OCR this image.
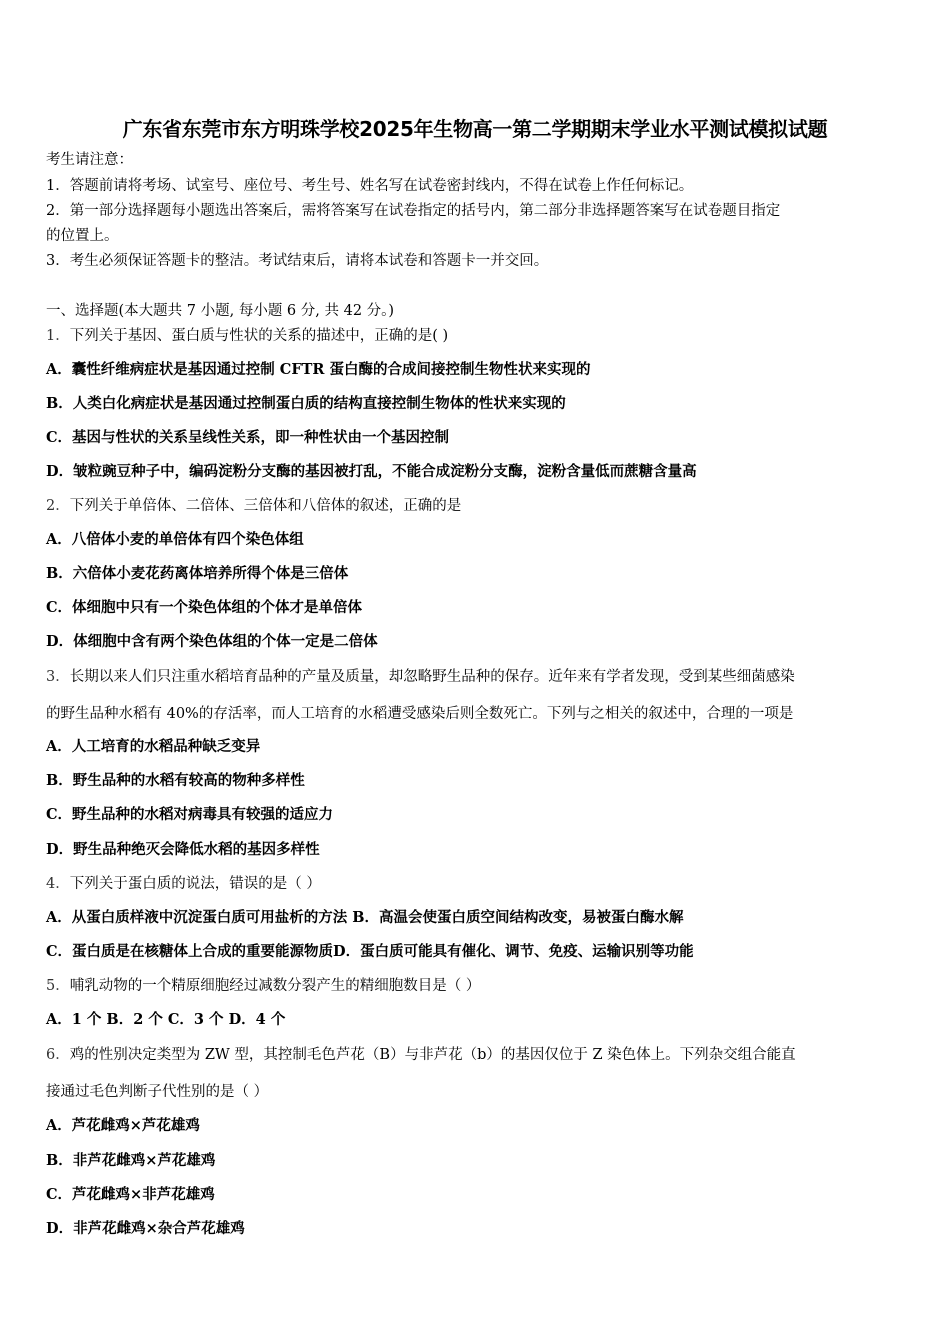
广东省东莞市东方明珠学校2025年生物高一第二学期期末学业水平测试模拟试题
考生请注意：
1．答题前请将考场、试室号、座位号、考生号、姓名写在试卷密封线内，不得在试卷上作任何标记。
2．第一部分选择题每小题选出答案后，需将答案写在试卷指定的括号内，第二部分非选择题答案写在试卷题目指定
的位置上。
3．考生必须保证答题卡的整洁。考试结束后，请将本试卷和答题卡一并交回。
一、选择题(本大题共 7 小题, 每小题 6 分, 共 42 分。)
1．下列关于基因、蛋白质与性状的关系的描述中，正确的是( )
A．囊性纤维病症状是基因通过控制 CFTR 蛋白酶的合成间接控制生物性状来实现的
B．人类白化病症状是基因通过控制蛋白质的结构直接控制生物体的性状来实现的
C．基因与性状的关系呈线性关系，即一种性状由一个基因控制
D．皱粒豌豆种子中，编码淀粉分支酶的基因被打乱，不能合成淀粉分支酶，淀粉含量低而蔗糖含量高
2．下列关于单倍体、二倍体、三倍体和八倍体的叙述，正确的是
A．八倍体小麦的单倍体有四个染色体组
B．六倍体小麦花药离体培养所得个体是三倍体
C．体细胞中只有一个染色体组的个体才是单倍体
D．体细胞中含有两个染色体组的个体一定是二倍体
3．长期以来人们只注重水稻培育品种的产量及质量，却忽略野生品种的保存。近年来有学者发现，受到某些细菌感染
的野生品种水稻有 40%的存活率，而人工培育的水稻遭受感染后则全数死亡。下列与之相关的叙述中，合理的一项是
A．人工培育的水稻品种缺乏变异
B．野生品种的水稻有较高的物种多样性
C．野生品种的水稻对病毒具有较强的适应力
D．野生品种绝灭会降低水稻的基因多样性
4．下列关于蛋白质的说法，错误的是（ ）
A．从蛋白质样液中沉淀蛋白质可用盐析的方法 B．高温会使蛋白质空间结构改变，易被蛋白酶水解
C．蛋白质是在核糖体上合成的重要能源物质D．蛋白质可能具有催化、调节、免疫、运输识别等功能
5．哺乳动物的一个精原细胞经过减数分裂产生的精细胞数目是（ ）
A．1 个 B．2 个 C．3 个 D．4 个
6．鸡的性别决定类型为 ZW 型，其控制毛色芦花（B）与非芦花（b）的基因仅位于 Z 染色体上。下列杂交组合能直
接通过毛色判断子代性别的是（ ）
A．芦花雌鸡×芦花雄鸡
B．非芦花雌鸡×芦花雄鸡
C．芦花雌鸡×非芦花雄鸡
D．非芦花雌鸡×杂合芦花雄鸡
